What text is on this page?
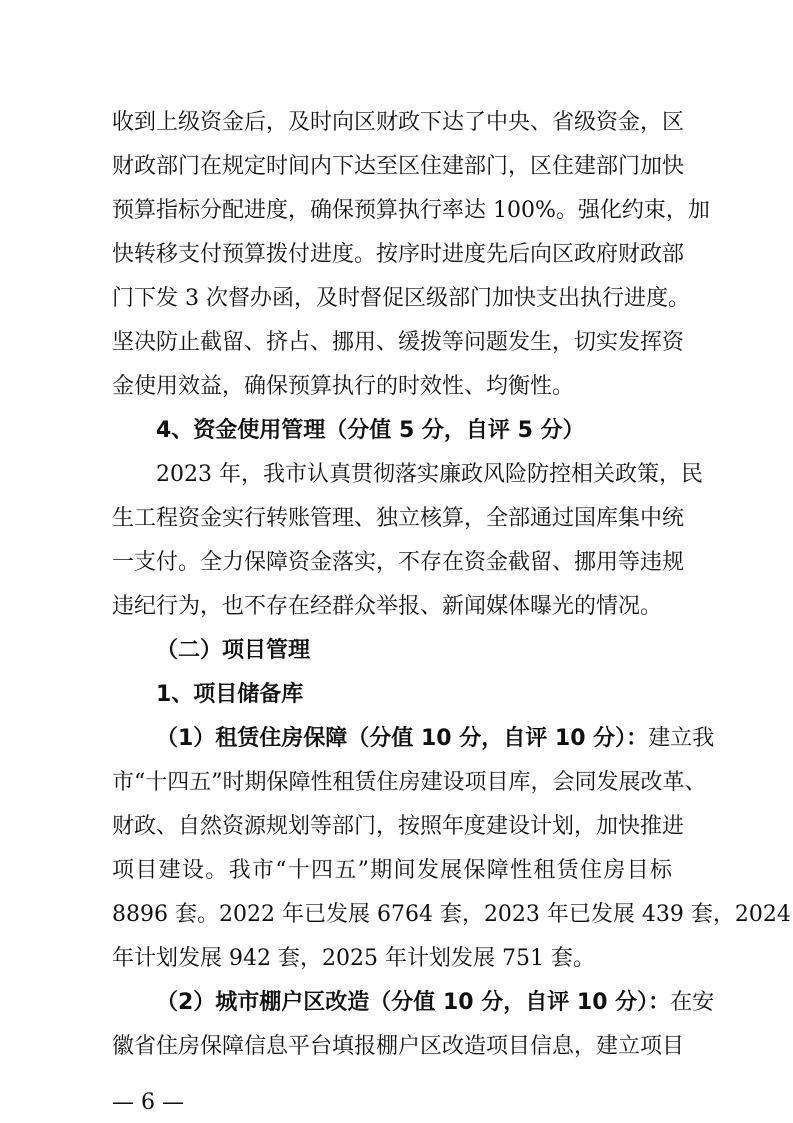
收到上级资金后，及时向区财政下达了中央、省级资金，区
财政部门在规定时间内下达至区住建部门，区住建部门加快
预算指标分配进度，确保预算执行率达 100%。强化约束，加
快转移支付预算拨付进度。按序时进度先后向区政府财政部
门下发 3 次督办函，及时督促区级部门加快支出执行进度。
坚决防止截留、挤占、挪用、缓拨等问题发生，切实发挥资
金使用效益，确保预算执行的时效性、均衡性。
4、资金使用管理（分值 5 分，自评 5 分）
2023 年，我市认真贯彻落实廉政风险防控相关政策，民
生工程资金实行转账管理、独立核算，全部通过国库集中统
一支付。全力保障资金落实，不存在资金截留、挪用等违规
违纪行为，也不存在经群众举报、新闻媒体曝光的情况。
（二）项目管理
1、项目储备库
（1）租赁住房保障（分值 10 分，自评 10 分）：建立我
市“十四五”时期保障性租赁住房建设项目库，会同发展改革、
财政、自然资源规划等部门，按照年度建设计划，加快推进
项目建设。我市“十四五”期间发展保障性租赁住房目标
8896 套。2022 年已发展 6764 套，2023 年已发展 439 套，2024
年计划发展 942 套，2025 年计划发展 751 套。
（2）城市棚户区改造（分值 10 分，自评 10 分）：在安
徽省住房保障信息平台填报棚户区改造项目信息，建立项目
— 6 —
